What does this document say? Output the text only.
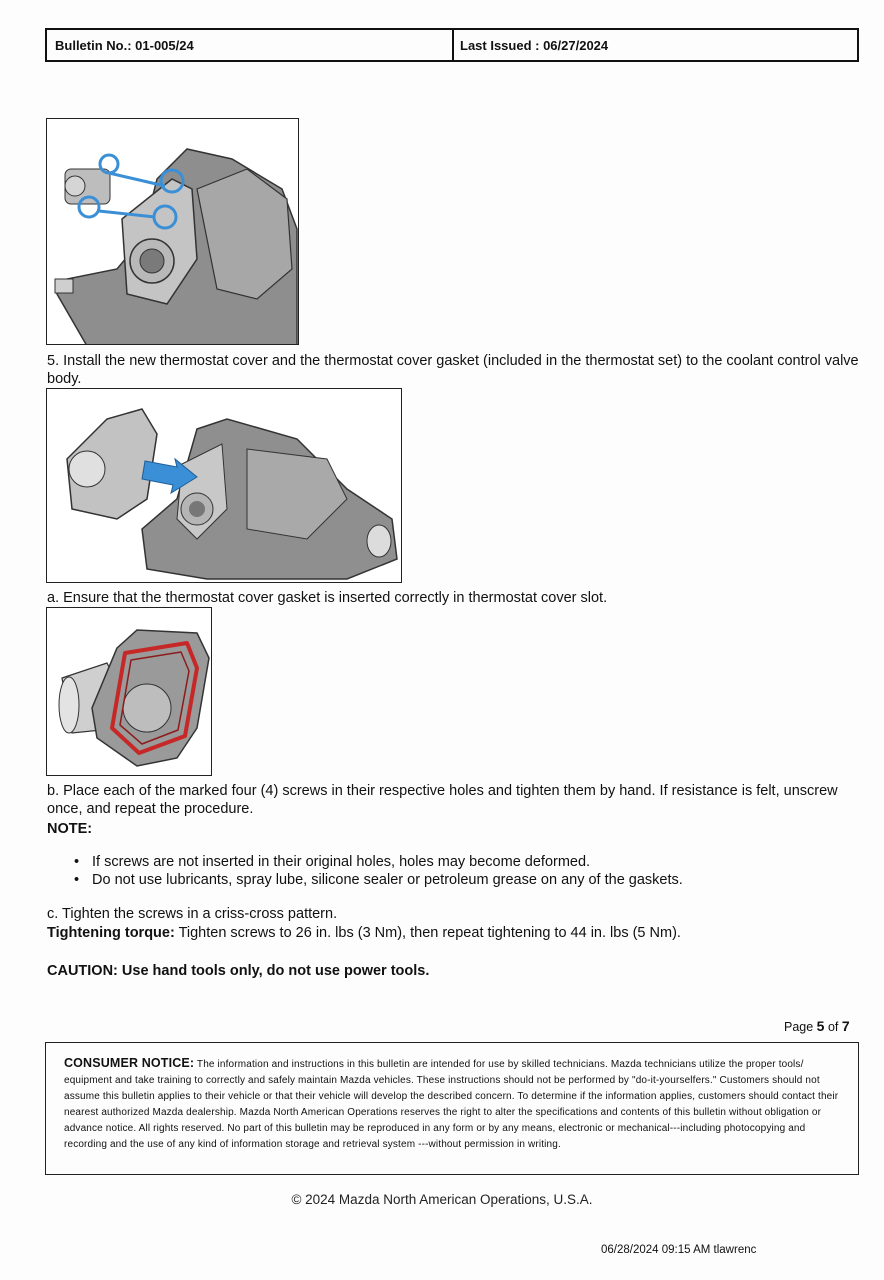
Bulletin No.: 01-005/24	Last Issued : 06/27/2024
5. Install the new thermostat cover and the thermostat cover gasket (included in the thermostat set) to the coolant control valve body.
a. Ensure that the thermostat cover gasket is inserted correctly in thermostat cover slot.
b. Place each of the marked four (4) screws in their respective holes and tighten them by hand. If resistance is felt, unscrew once, and repeat the procedure.
NOTE:
• If screws are not inserted in their original holes, holes may become deformed.
• Do not use lubricants, spray lube, silicone sealer or petroleum grease on any of the gaskets.
c. Tighten the screws in a criss-cross pattern.
Tightening torque: Tighten screws to 26 in. lbs (3 Nm), then repeat tightening to 44 in. lbs (5 Nm).
CAUTION: Use hand tools only, do not use power tools.
Page 5 of 7
CONSUMER NOTICE: The information and instructions in this bulletin are intended for use by skilled technicians. Mazda technicians utilize the proper tools/ equipment and take training to correctly and safely maintain Mazda vehicles. These instructions should not be performed by "do-it-yourselfers." Customers should not assume this bulletin applies to their vehicle or that their vehicle will develop the described concern. To determine if the information applies, customers should contact their nearest authorized Mazda dealership. Mazda North American Operations reserves the right to alter the specifications and contents of this bulletin without obligation or advance notice. All rights reserved. No part of this bulletin may be reproduced in any form or by any means, electronic or mechanical---including photocopying and recording and the use of any kind of information storage and retrieval system ---without permission in writing.
© 2024 Mazda North American Operations, U.S.A.
06/28/2024 09:15 AM tlawrenc
